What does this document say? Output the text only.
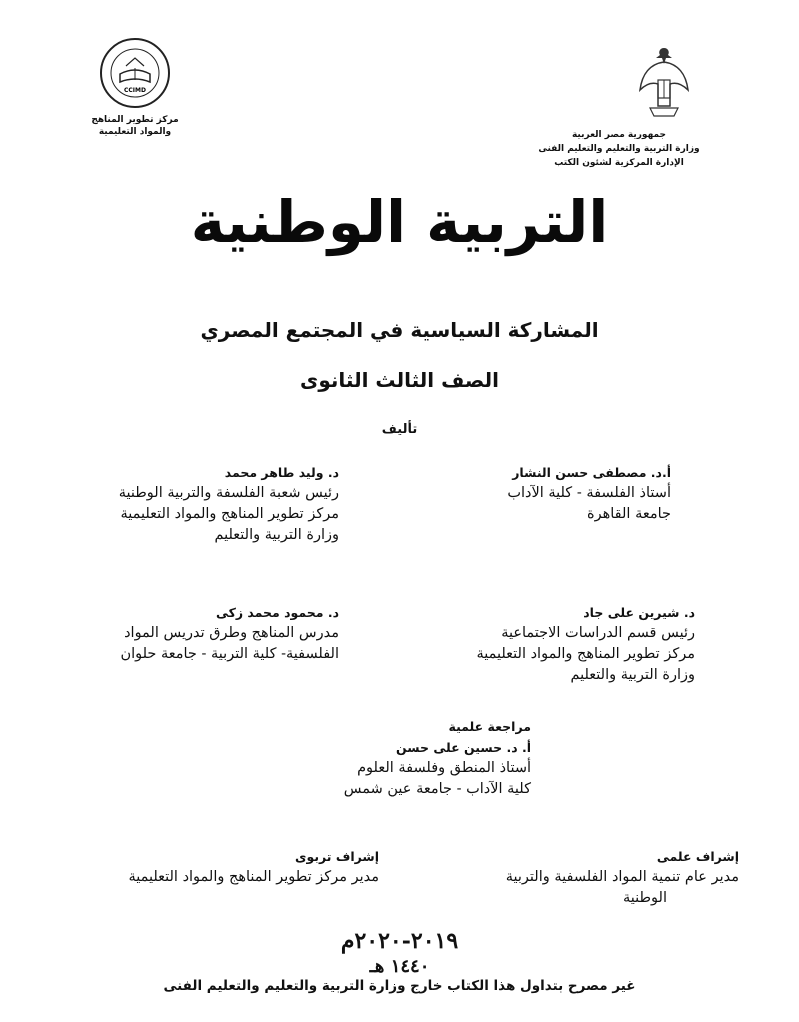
CCIMD
مركز تطوير المناهج
والمواد التعليمية	جمهورية مصر العربية
وزارة التربية والتعليم والتعليم الفنى
الإدارة المركزية لشئون الكتب
التربية الوطنية
المشاركة السياسية في المجتمع المصري
الصف الثالث الثانوى
تأليف
أ.د. مصطفى حسن النشار
أستاذ الفلسفة - كلية الآداب
جامعة القاهرة
د. شيرين على جاد
رئيس قسم الدراسات الاجتماعية
مركز تطوير المناهج والمواد التعليمية
وزارة التربية والتعليم
د. وليد طاهر محمد
رئيس شعبة الفلسفة والتربية الوطنية
مركز تطوير المناهج والمواد التعليمية
وزارة التربية والتعليم
د. محمود محمد زكى
مدرس المناهج وطرق تدريس المواد
الفلسفية- كلية التربية - جامعة حلوان
مراجعة علمية
أ. د. حسين على حسن
أستاذ المنطق وفلسفة العلوم
كلية الآداب - جامعة عين شمس
إشراف علمى
مدير عام تنمية المواد الفلسفية والتربية
الوطنية
إشراف تربوى
مدير مركز تطوير المناهج والمواد التعليمية
٢٠١٩-٢٠٢٠م
١٤٤٠ هـ
غير مصرح بتداول هذا الكتاب خارج وزارة التربية والتعليم والتعليم الفنى
